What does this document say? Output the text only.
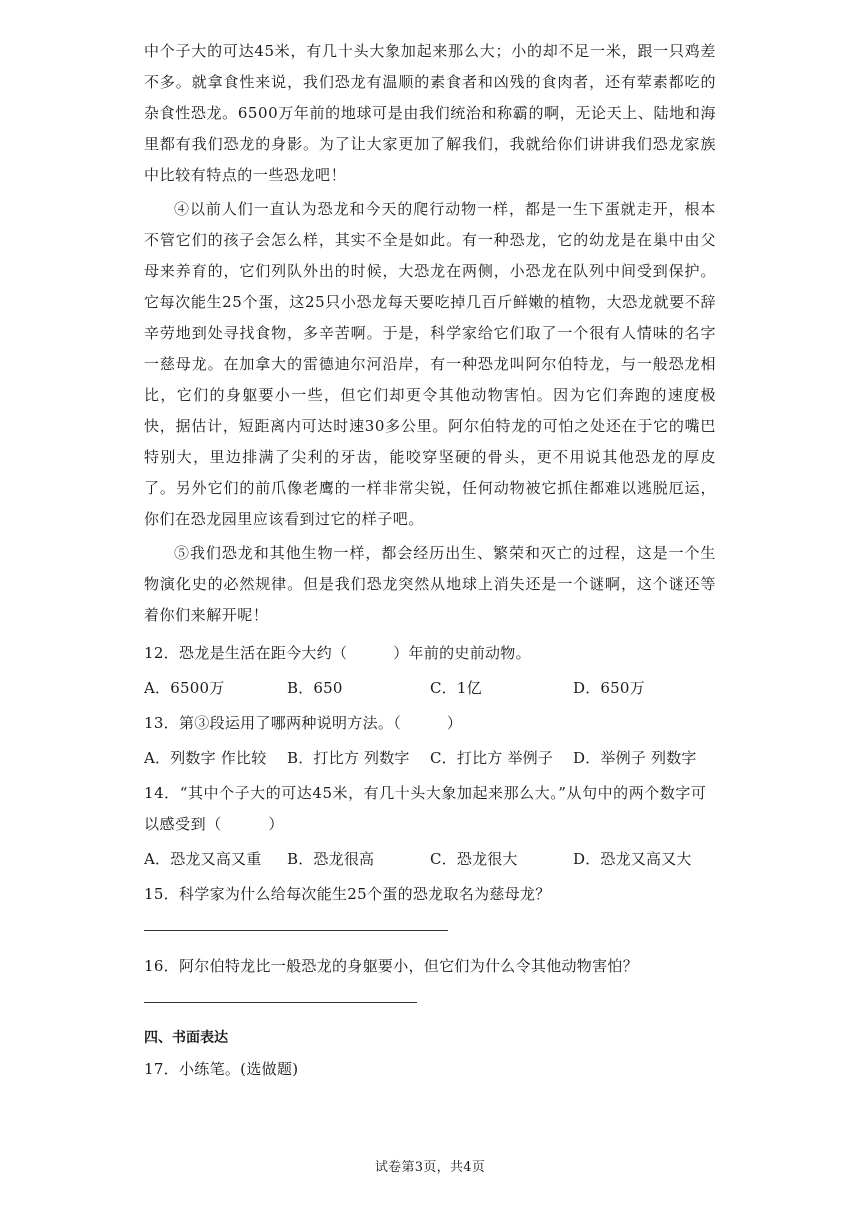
中个子大的可达45米，有几十头大象加起来那么大；小的却不足一米，跟一只鸡差不多。就拿食性来说，我们恐龙有温顺的素食者和凶残的食肉者，还有荤素都吃的杂食性恐龙。6500万年前的地球可是由我们统治和称霸的啊，无论天上、陆地和海里都有我们恐龙的身影。为了让大家更加了解我们，我就给你们讲讲我们恐龙家族中比较有特点的一些恐龙吧！

④以前人们一直认为恐龙和今天的爬行动物一样，都是一生下蛋就走开，根本不管它们的孩子会怎么样，其实不全是如此。有一种恐龙，它的幼龙是在巢中由父母来养育的，它们列队外出的时候，大恐龙在两侧，小恐龙在队列中间受到保护。它每次能生25个蛋，这25只小恐龙每天要吃掉几百斤鲜嫩的植物，大恐龙就要不辞辛劳地到处寻找食物，多辛苦啊。于是，科学家给它们取了一个很有人情味的名字一慈母龙。在加拿大的雷德迪尔河沿岸，有一种恐龙叫阿尔伯特龙，与一般恐龙相比，它们的身躯要小一些，但它们却更令其他动物害怕。因为它们奔跑的速度极快，据估计，短距离内可达时速30多公里。阿尔伯特龙的可怕之处还在于它的嘴巴特别大，里边排满了尖利的牙齿，能咬穿坚硬的骨头，更不用说其他恐龙的厚皮了。另外它们的前爪像老鹰的一样非常尖锐，任何动物被它抓住都难以逃脱厄运，你们在恐龙园里应该看到过它的样子吧。

⑤我们恐龙和其他生物一样，都会经历出生、繁荣和灭亡的过程，这是一个生物演化史的必然规律。但是我们恐龙突然从地球上消失还是一个谜啊，这个谜还等着你们来解开呢！

12．恐龙是生活在距今大约（　　　）年前的史前动物。

A．6500万	B．650	C．1亿	D．650万

13．第③段运用了哪两种说明方法。（　　　）

A．列数字 作比较	B．打比方 列数字	C．打比方 举例子	D．举例子 列数字

14．“其中个子大的可达45米，有几十头大象加起来那么大。”从句中的两个数字可以感受到（　　　）

A．恐龙又高又重	B．恐龙很高	C．恐龙很大	D．恐龙又高又大

15．科学家为什么给每次能生25个蛋的恐龙取名为慈母龙？

16．阿尔伯特龙比一般恐龙的身躯要小，但它们为什么令其他动物害怕？

四、书面表达

17．小练笔。(选做题)

试卷第3页，共4页
